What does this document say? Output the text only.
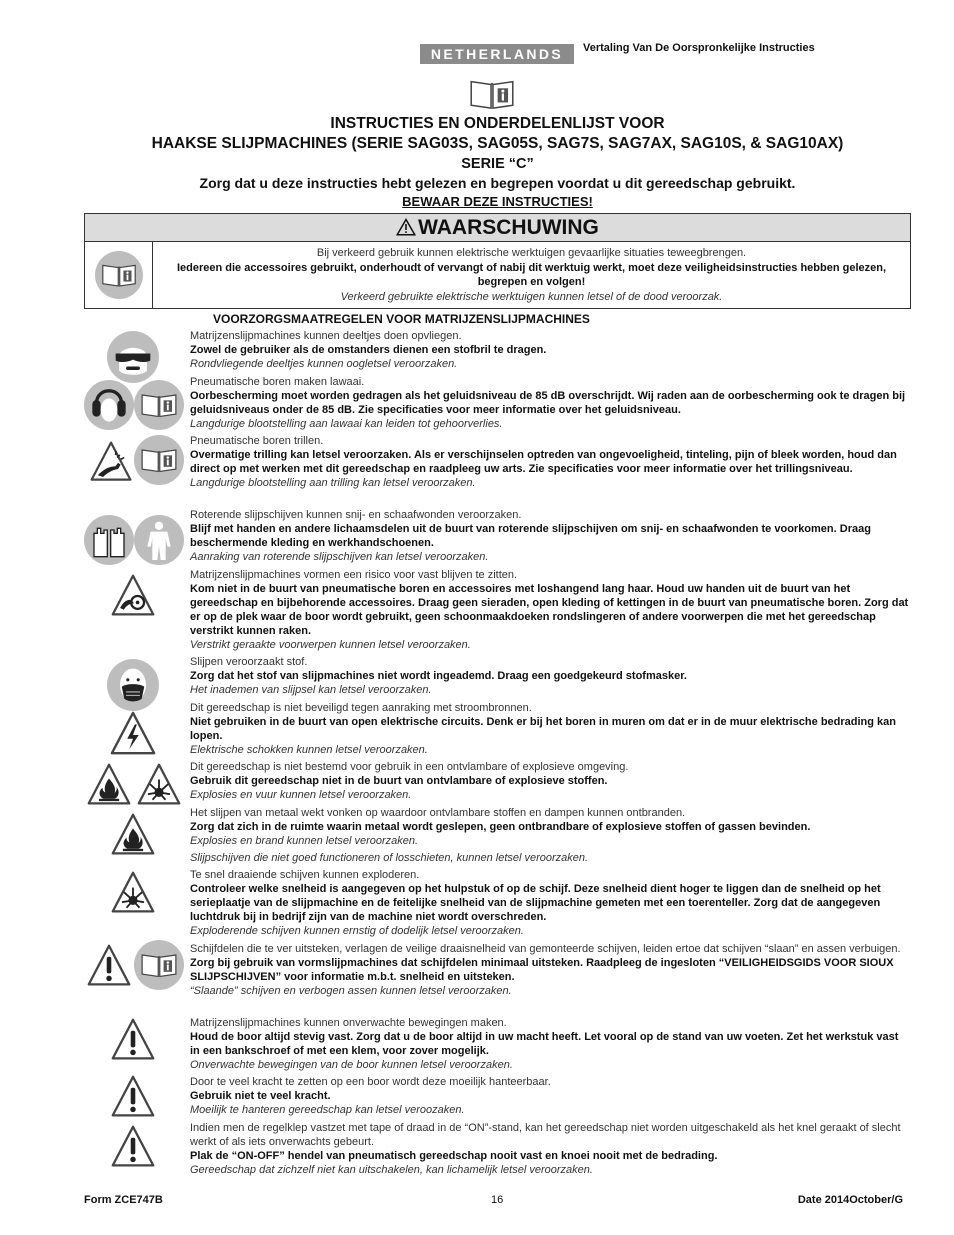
NETHERLANDS	Vertaling Van De Oorspronkelijke Instructies
INSTRUCTIES EN ONDERDELENLIJST VOOR
HAAKSE SLIJPMACHINES (SERIE SAG03S, SAG05S, SAG7S, SAG7AX, SAG10S, & SAG10AX)
SERIE “C”
Zorg dat u deze instructies hebt gelezen en begrepen voordat u dit gereedschap gebruikt.
BEWAAR DEZE INSTRUCTIES!
WAARSCHUWING
Bij verkeerd gebruik kunnen elektrische werktuigen gevaarlijke situaties teweegbrengen.
Iedereen die accessoires gebruikt, onderhoudt of vervangt of nabij dit werktuig werkt, moet deze veiligheidsinstructies hebben gelezen, begrepen en volgen!
Verkeerd gebruikte elektrische werktuigen kunnen letsel of de dood veroorzak.
VOORZORGSMAATREGELEN VOOR MATRIJZENSLIJPMACHINES
Matrijzenslijpmachines kunnen deeltjes doen opvliegen.
Zowel de gebruiker als de omstanders dienen een stofbril te dragen.
Rondvliegende deeltjes kunnen oogletsel veroorzaken.
Pneumatische boren maken lawaai.
Oorbescherming moet worden gedragen als het geluidsniveau de 85 dB overschrijdt. Wij raden aan de oorbescherming ook te dragen bij geluidsniveaus onder de 85 dB. Zie specificaties voor meer informatie over het geluidsniveau.
Langdurige blootstelling aan lawaai kan leiden tot gehoorverlies.
Pneumatische boren trillen.
Overmatige trilling kan letsel veroorzaken. Als er verschijnselen optreden van ongevoeligheid, tinteling, pijn of bleek worden, houd dan direct op met werken met dit gereedschap en raadpleeg uw arts. Zie specificaties voor meer informatie over het trillingsniveau.
Langdurige blootstelling aan trilling kan letsel veroorzaken.
Roterende slijpschijven kunnen snij- en schaafwonden veroorzaken.
Blijf met handen en andere lichaamsdelen uit de buurt van roterende slijpschijven om snij- en schaafwonden te voorkomen. Draag beschermende kleding en werkhandschoenen.
Aanraking van roterende slijpschijven kan letsel veroorzaken.
Matrijzenslijpmachines vormen een risico voor vast blijven te zitten.
Kom niet in de buurt van pneumatische boren en accessoires met loshangend lang haar. Houd uw handen uit de buurt van het gereedschap en bijbehorende accessoires. Draag geen sieraden, open kleding of kettingen in de buurt van pneumatische boren. Zorg dat er op de plek waar de boor wordt gebruikt, geen schoonmaakdoeken rondslingeren of andere voorwerpen die met het gereedschap verstrikt kunnen raken.
Verstrikt geraakte voorwerpen kunnen letsel veroorzaken.
Slijpen veroorzaakt stof.
Zorg dat het stof van slijpmachines niet wordt ingeademd. Draag een goedgekeurd stofmasker.
Het inademen van slijpsel kan letsel veroorzaken.
Dit gereedschap is niet beveiligd tegen aanraking met stroombronnen.
Niet gebruiken in de buurt van open elektrische circuits. Denk er bij het boren in muren om dat er in de muur elektrische bedrading kan lopen.
Elektrische schokken kunnen letsel veroorzaken.
Dit gereedschap is niet bestemd voor gebruik in een ontvlambare of explosieve omgeving.
Gebruik dit gereedschap niet in de buurt van ontvlambare of explosieve stoffen.
Explosies en vuur kunnen letsel veroorzaken.
Het slijpen van metaal wekt vonken op waardoor ontvlambare stoffen en dampen kunnen ontbranden.
Zorg dat zich in de ruimte waarin metaal wordt geslepen, geen ontbrandbare of explosieve stoffen of gassen bevinden.
Explosies en brand kunnen letsel veroorzaken.
Slijpschijven die niet goed functioneren of losschieten, kunnen letsel veroorzaken.
Te snel draaiende schijven kunnen exploderen.
Controleer welke snelheid is aangegeven op het hulpstuk of op de schijf. Deze snelheid dient hoger te liggen dan de snelheid op het serieplaatje van de slijpmachine en de feitelijke snelheid van de slijpmachine gemeten met een toerenteller. Zorg dat de aangegeven luchtdruk bij in bedrijf zijn van de machine niet wordt overschreden.
Exploderende schijven kunnen ernstig of dodelijk letsel veroorzaken.
Schijfdelen die te ver uitsteken, verlagen de veilige draaisnelheid van gemonteerde schijven, leiden ertoe dat schijven “slaan” en assen verbuigen.
Zorg bij gebruik van vormslijpmachines dat schijfdelen minimaal uitsteken. Raadpleeg de ingesloten “VEILIGHEIDSGIDS VOOR SIOUX SLIJPSCHIJVEN” voor informatie m.b.t. snelheid en uitsteken.
“Slaande” schijven en verbogen assen kunnen letsel veroorzaken.
Matrijzenslijpmachines kunnen onverwachte bewegingen maken.
Houd de boor altijd stevig vast. Zorg dat u de boor altijd in uw macht heeft. Let vooral op de stand van uw voeten. Zet het werkstuk vast in een bankschroef of met een klem, voor zover mogelijk.
Onverwachte bewegingen van de boor kunnen letsel veroorzaken.
Door te veel kracht te zetten op een boor wordt deze moeilijk hanteerbaar.
Gebruik niet te veel kracht.
Moeilijk te hanteren gereedschap kan letsel veroozaken.
Indien men de regelklep vastzet met tape of draad in de “ON”-stand, kan het gereedschap niet worden uitgeschakeld als het knel geraakt of slecht werkt of als iets onverwachts gebeurt.
Plak de “ON-OFF” hendel van pneumatisch gereedschap nooit vast en knoei nooit met de bedrading.
Gereedschap dat zichzelf niet kan uitschakelen, kan lichamelijk letsel veroorzaken.
Form ZCE747B	16	Date 2014October/G
